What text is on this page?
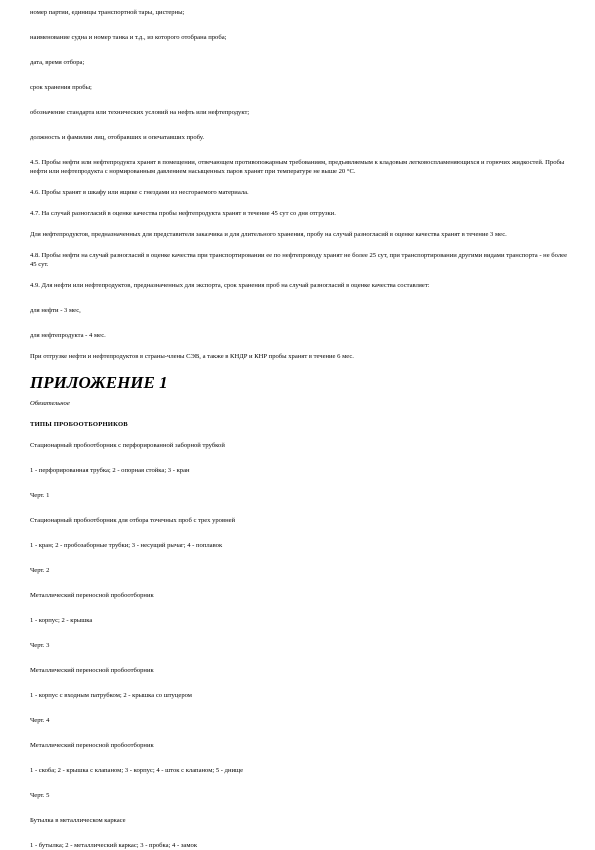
номер партии, единицы транспортной тары, цистерны;

наименование судна и номер танка и т.д., из которого отобрана проба;

дата, время отбора;

срок хранения пробы;

обозначение стандарта или технических условий на нефть или нефтепродукт;

должность и фамилии лиц, отобравших и опечатавших пробу.

4.5. Пробы нефти или нефтепродукта хранят в помещении, отвечающем противопожарным требованиям, предъявляемым к кладовым легковоспламеняющихся и горючих жидкостей. Пробы нефти или нефтепродукта с нормированным давлением насыщенных паров хранят при температуре не выше 20 °С.

4.6. Пробы хранят в шкафу или ящике с гнездами из несгораемого материала.

4.7. На случай разногласий в оценке качества пробы нефтепродукта хранят в течение 45 сут со дня отгрузки.

Для нефтепродуктов, предназначенных для представителя заказчика и для длительного хранения, пробу на случай разногласий в оценке качества хранят в течение 3 мес.

4.8. Пробы нефти на случай разногласий в оценке качества при транспортировании ее по нефтепроводу хранят не более 25 сут, при транспортировании другими видами транспорта - не более 45 сут.

4.9. Для нефти или нефтепродуктов, предназначенных для экспорта, срок хранения проб на случай разногласий в оценке качества составляет:

для нефти - 3 мес,

для нефтепродукта - 4 мес.

При отгрузке нефти и нефтепродуктов в страны-члены СЭВ, а также в КНДР и КНР пробы хранят в течение 6 мес.

ПРИЛОЖЕНИЕ 1

Обязательное

ТИПЫ ПРОБООТБОРНИКОВ

Стационарный пробоотборник с перфорированной заборной трубкой

1 - перфорированная трубка; 2 - опорная стойка; 3 - кран

Черт. 1

Стационарный пробоотборник для отбора точечных проб с трех уровней

1 - кран; 2 - пробозаборные трубки; 3 - несущий рычаг; 4 - поплавок

Черт. 2

Металлический переносной пробоотборник

1 - корпус; 2 - крышка

Черт. 3

Металлический переносной пробоотборник

1 - корпус с входным патрубком; 2 - крышка со штуцером

Черт. 4

Металлический переносной пробоотборник

1 - скоба; 2 - крышка с клапаном; 3 - корпус; 4 - шток с клапаном; 5 - днище

Черт. 5

Бутылка в металлическом каркасе

1 - бутылка; 2 - металлический каркас; 3 - пробка; 4 - замок
